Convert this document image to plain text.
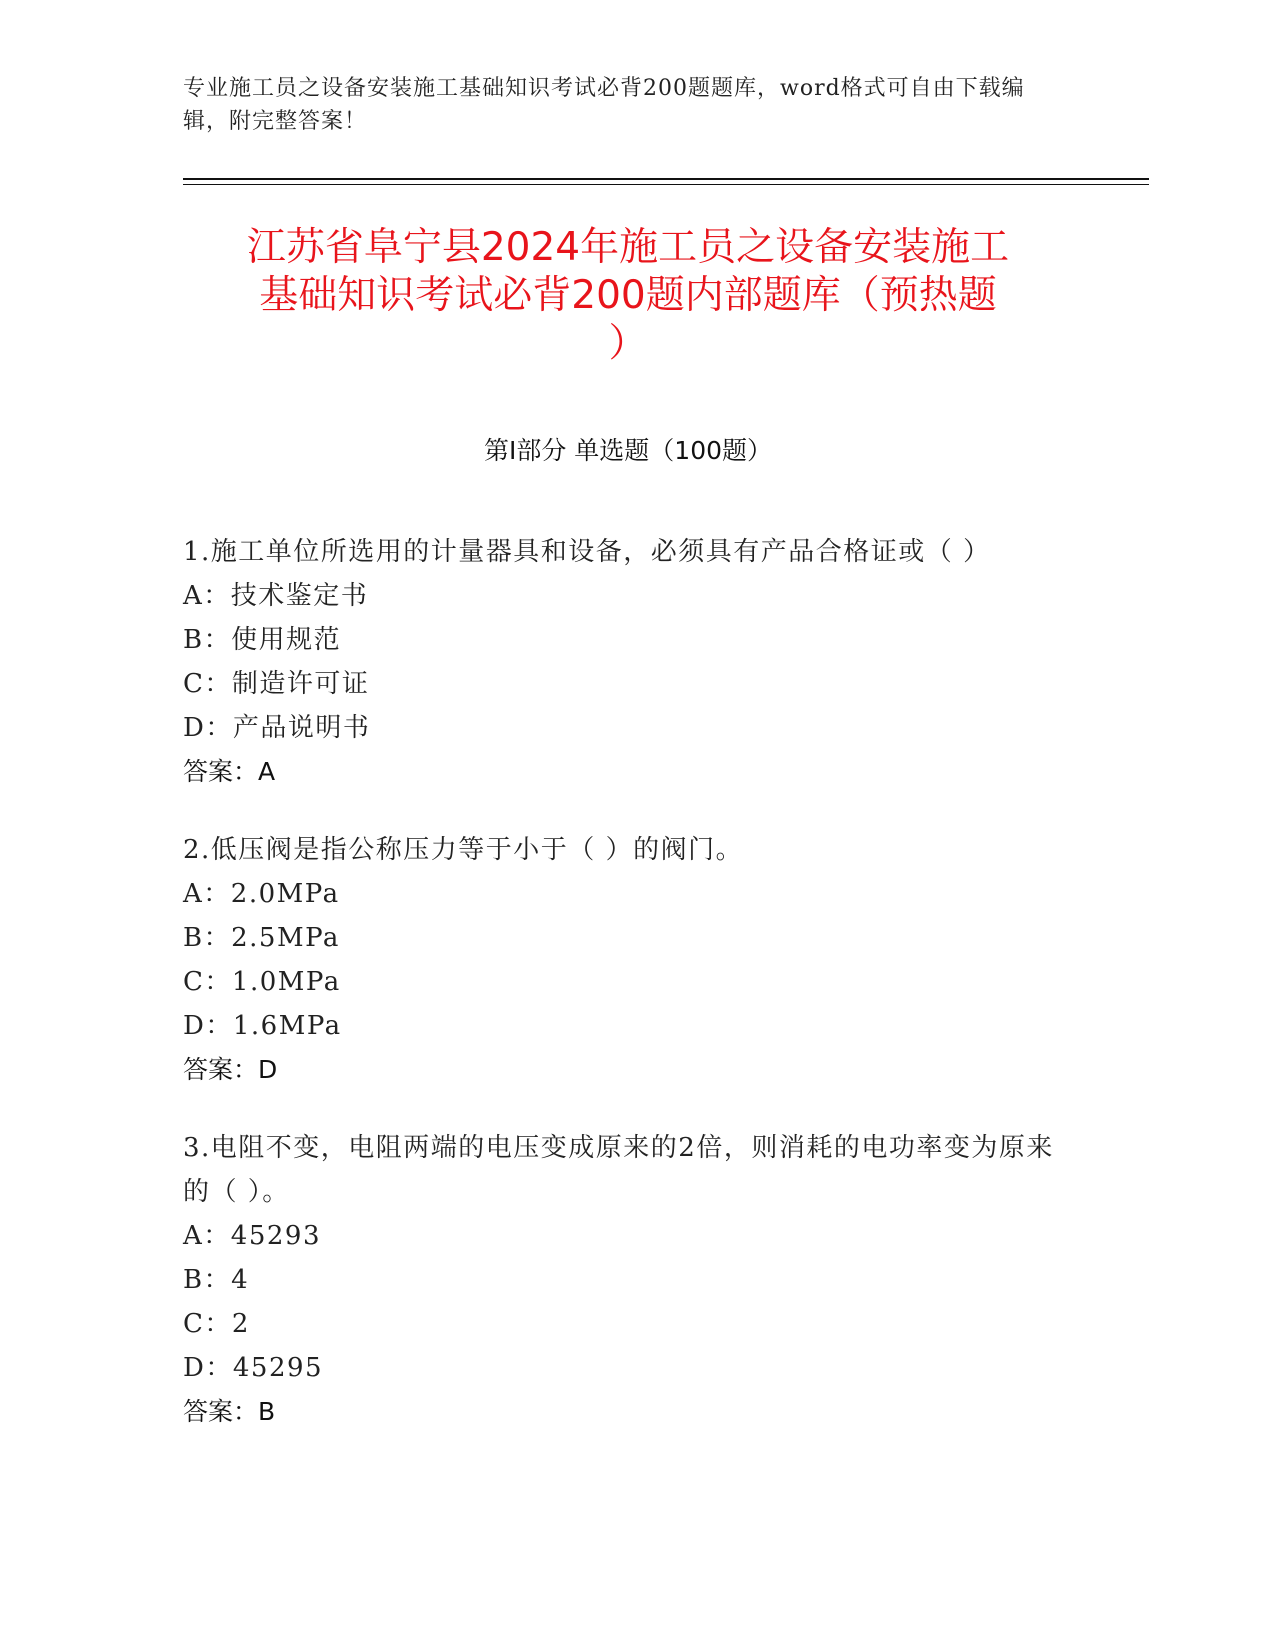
专业施工员之设备安装施工基础知识考试必背200题题库，word格式可自由下载编辑，附完整答案！
江苏省阜宁县2024年施工员之设备安装施工
基础知识考试必背200题内部题库（预热题
）
第Ⅰ部分 单选题（100题）
1.施工单位所选用的计量器具和设备，必须具有产品合格证或（ ）
A：技术鉴定书
B：使用规范
C：制造许可证
D：产品说明书
答案：A
2.低压阀是指公称压力等于小于（ ）的阀门。
A：2.0MPa
B：2.5MPa
C：1.0MPa
D：1.6MPa
答案：D
3.电阻不变，电阻两端的电压变成原来的2倍，则消耗的电功率变为原来的（ ）。
A：45293
B：4
C：2
D：45295
答案：B
